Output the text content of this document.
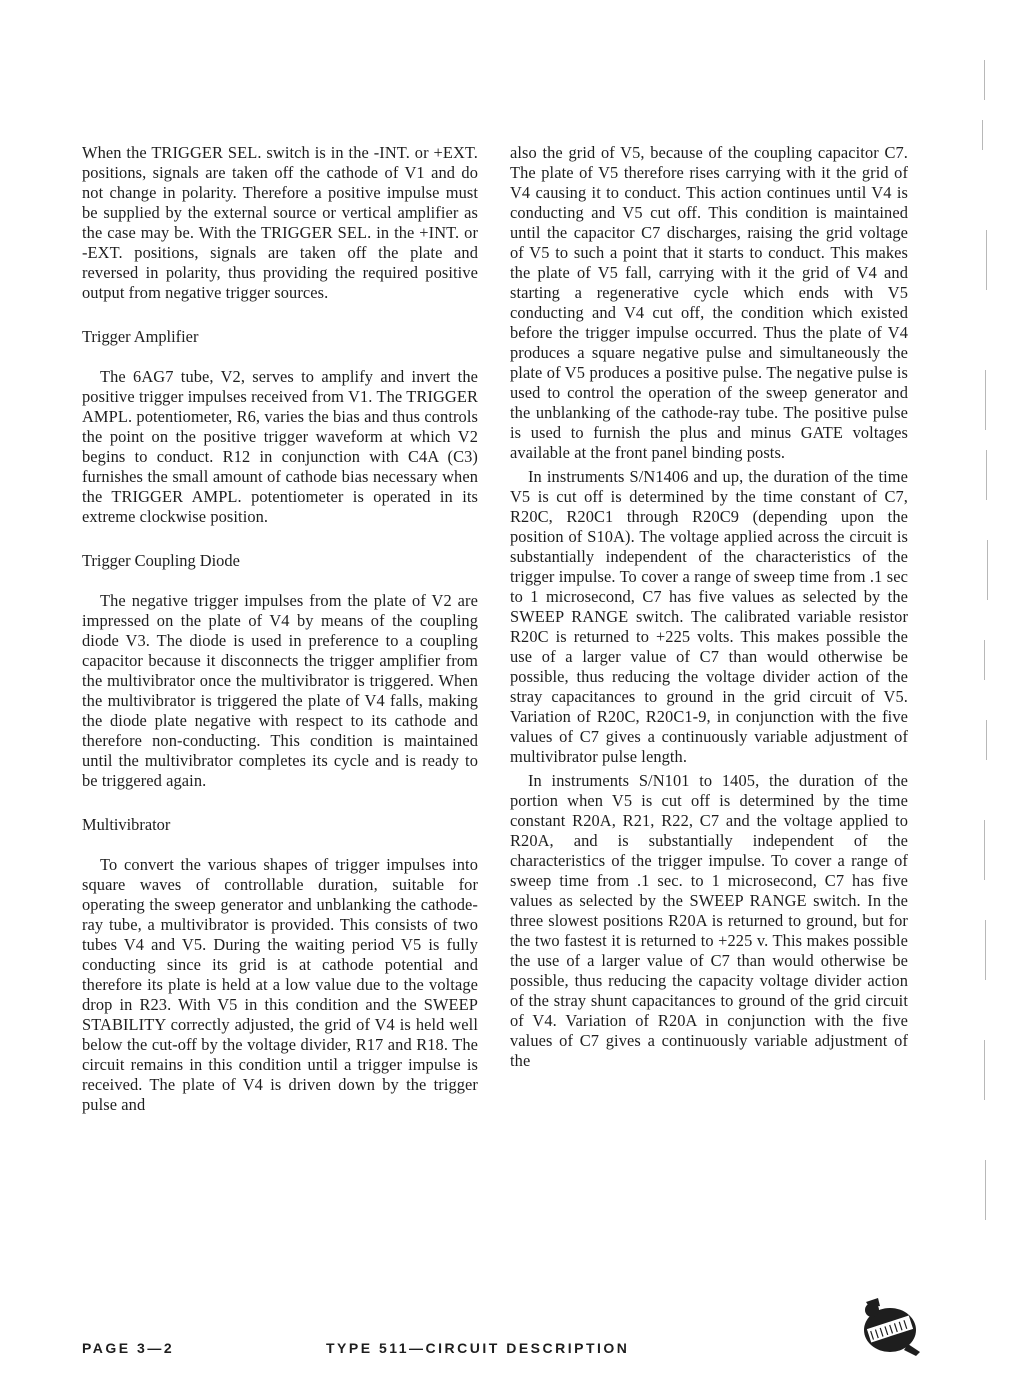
When the TRIGGER SEL. switch is in the -INT. or +EXT. positions, signals are taken off the cathode of V1 and do not change in polarity. Therefore a positive impulse must be supplied by the external source or vertical amplifier as the case may be. With the TRIGGER SEL. in the +INT. or -EXT. positions, signals are taken off the plate and reversed in polarity, thus providing the required positive output from negative trigger sources.

Trigger Amplifier

The 6AG7 tube, V2, serves to amplify and invert the positive trigger impulses received from V1. The TRIGGER AMPL. potentiometer, R6, varies the bias and thus controls the point on the positive trigger waveform at which V2 begins to conduct. R12 in conjunction with C4A (C3) furnishes the small amount of cathode bias necessary when the TRIGGER AMPL. potentiometer is operated in its extreme clockwise position.

Trigger Coupling Diode

The negative trigger impulses from the plate of V2 are impressed on the plate of V4 by means of the coupling diode V3. The diode is used in preference to a coupling capacitor because it disconnects the trigger amplifier from the multivibrator once the multivibrator is triggered. When the multivibrator is triggered the plate of V4 falls, making the diode plate negative with respect to its cathode and therefore non-conducting. This condition is maintained until the multivibrator completes its cycle and is ready to be triggered again.

Multivibrator

To convert the various shapes of trigger impulses into square waves of controllable duration, suitable for operating the sweep generator and unblanking the cathode-ray tube, a multivibrator is provided. This consists of two tubes V4 and V5. During the waiting period V5 is fully conducting since its grid is at cathode potential and therefore its plate is held at a low value due to the voltage drop in R23. With V5 in this condition and the SWEEP STABILITY correctly adjusted, the grid of V4 is held well below the cut-off by the voltage divider, R17 and R18. The circuit remains in this condition until a trigger impulse is received. The plate of V4 is driven down by the trigger pulse and

also the grid of V5, because of the coupling capacitor C7. The plate of V5 therefore rises carrying with it the grid of V4 causing it to conduct. This action continues until V4 is conducting and V5 cut off. This condition is maintained until the capacitor C7 discharges, raising the grid voltage of V5 to such a point that it starts to conduct. This makes the plate of V5 fall, carrying with it the grid of V4 and starting a regenerative cycle which ends with V5 conducting and V4 cut off, the condition which existed before the trigger impulse occurred. Thus the plate of V4 produces a square negative pulse and simultaneously the plate of V5 produces a positive pulse. The negative pulse is used to control the operation of the sweep generator and the unblanking of the cathode-ray tube. The positive pulse is used to furnish the plus and minus GATE voltages available at the front panel binding posts.

In instruments S/N1406 and up, the duration of the time V5 is cut off is determined by the time constant of C7, R20C, R20C1 through R20C9 (depending upon the position of S10A). The voltage applied across the circuit is substantially independent of the characteristics of the trigger impulse. To cover a range of sweep time from .1 sec to 1 microsecond, C7 has five values as selected by the SWEEP RANGE switch. The calibrated variable resistor R20C is returned to +225 volts. This makes possible the use of a larger value of C7 than would otherwise be possible, thus reducing the voltage divider action of the stray capacitances to ground in the grid circuit of V5. Variation of R20C, R20C1-9, in conjunction with the five values of C7 gives a continuously variable adjustment of multivibrator pulse length.

In instruments S/N101 to 1405, the duration of the portion when V5 is cut off is determined by the time constant R20A, R21, R22, C7 and the voltage applied to R20A, and is substantially independent of the characteristics of the trigger impulse. To cover a range of sweep time from .1 sec. to 1 microsecond, C7 has five values as selected by the SWEEP RANGE switch. In the three slowest positions R20A is returned to ground, but for the two fastest it is returned to +225 v. This makes possible the use of a larger value of C7 than would otherwise be possible, thus reducing the capacity voltage divider action of the stray shunt capacitances to ground of the grid circuit of V4. Variation of R20A in conjunction with the five values of C7 gives a continuously variable adjustment of the

PAGE 3—2	TYPE 511—CIRCUIT DESCRIPTION
